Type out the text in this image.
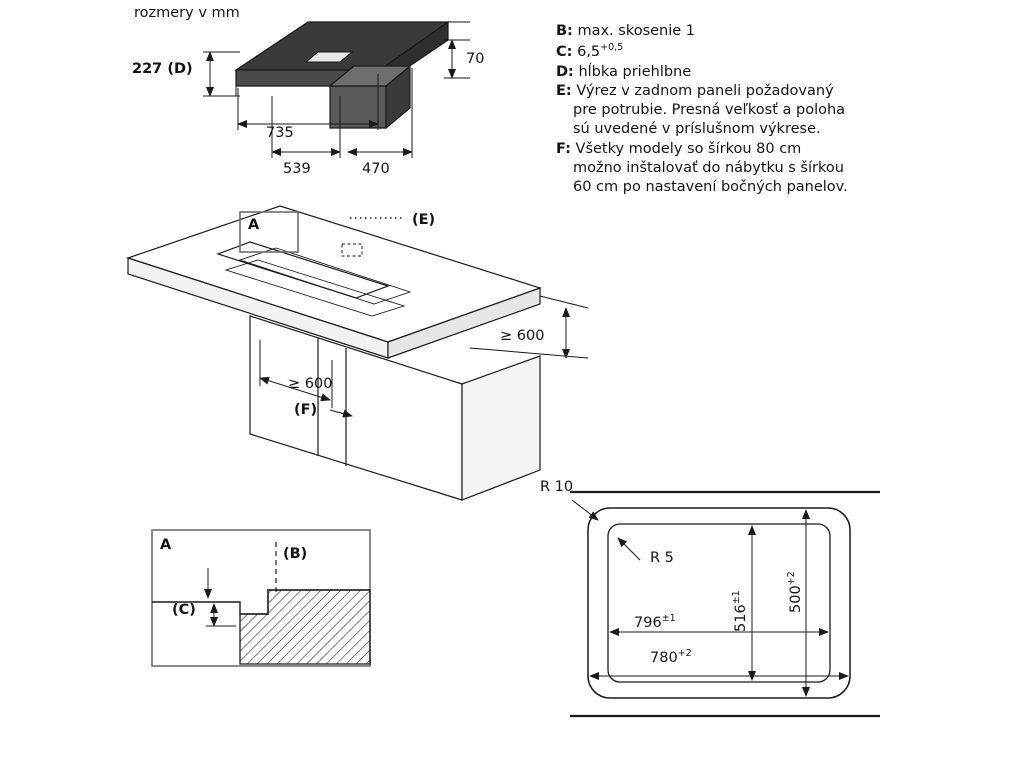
rozmery v mm
B: max. skosenie 1
C: $6,5^{+0,5}$
D: hĺbka priehlbne
E: Výrez v zadnom paneli požadovaný
pre potrubie. Presná veľkosť a poloha
sú uvedené v príslušnom výkrese.
F: Všetky modely so šírkou 80 cm
možno inštalovať do nábytku s šírkou
60 cm po nastavení bočných panelov.
227 (D)
70
735
539	470
A	(E)
≥ 600
≥ 600
(F)
A
(B)
(C)
R 10
R 5
$796^{\pm 1}$
$780^{+2}$
$516^{\pm 1}$	$500^{+2}$
